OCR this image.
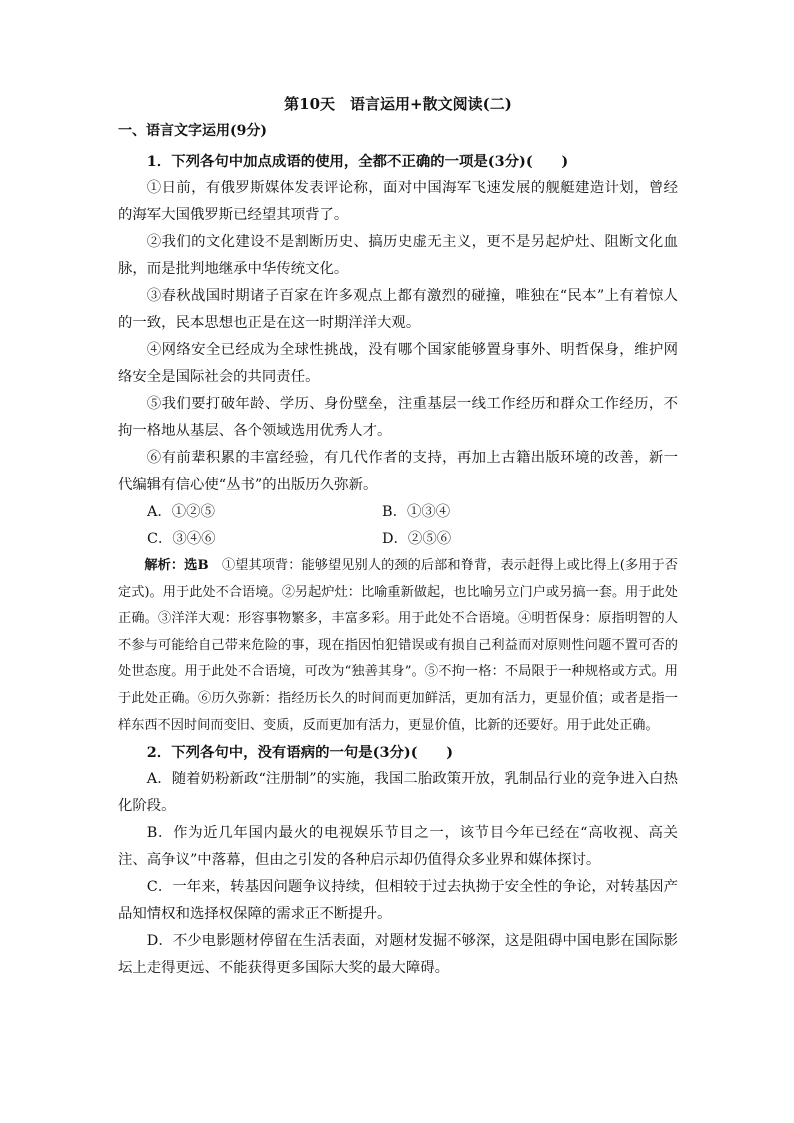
第10天　语言运用+散文阅读(二)
一、语言文字运用(9分)
1．下列各句中加点成语的使用，全都不正确的一项是(3分)(　　)
①日前，有俄罗斯媒体发表评论称，面对中国海军飞速发展的舰艇建造计划，曾经的海军大国俄罗斯已经望其项背了。
②我们的文化建设不是割断历史、搞历史虚无主义，更不是另起炉灶、阻断文化血脉，而是批判地继承中华传统文化。
③春秋战国时期诸子百家在许多观点上都有激烈的碰撞，唯独在“民本”上有着惊人的一致，民本思想也正是在这一时期洋洋大观。
④网络安全已经成为全球性挑战，没有哪个国家能够置身事外、明哲保身，维护网络安全是国际社会的共同责任。
⑤我们要打破年龄、学历、身份壁垒，注重基层一线工作经历和群众工作经历，不拘一格地从基层、各个领域选用优秀人才。
⑥有前辈积累的丰富经验，有几代作者的支持，再加上古籍出版环境的改善，新一代编辑有信心使“丛书”的出版历久弥新。
A．①②⑤	B．①③④
C．③④⑥	D．②⑤⑥
解析：选B　 ①望其项背：能够望见别人的颈的后部和脊背，表示赶得上或比得上(多用于否定式)。用于此处不合语境。②另起炉灶：比喻重新做起，也比喻另立门户或另搞一套。用于此处正确。③洋洋大观：形容事物繁多，丰富多彩。用于此处不合语境。④明哲保身：原指明智的人不参与可能给自己带来危险的事，现在指因怕犯错误或有损自己利益而对原则性问题不置可否的处世态度。用于此处不合语境，可改为“独善其身”。⑤不拘一格：不局限于一种规格或方式。用于此处正确。⑥历久弥新：指经历长久的时间而更加鲜活，更加有活力，更显价值；或者是指一样东西不因时间而变旧、变质，反而更加有活力，更显价值，比新的还要好。用于此处正确。
2．下列各句中，没有语病的一句是(3分)(　　)
A．随着奶粉新政“注册制”的实施，我国二胎政策开放，乳制品行业的竞争进入白热化阶段。
B．作为近几年国内最火的电视娱乐节目之一，该节目今年已经在“高收视、高关注、高争议”中落幕，但由之引发的各种启示却仍值得众多业界和媒体探讨。
C．一年来，转基因问题争议持续，但相较于过去执拗于安全性的争论，对转基因产品知情权和选择权保障的需求正不断提升。
D．不少电影题材停留在生活表面，对题材发掘不够深，这是阻碍中国电影在国际影坛上走得更远、不能获得更多国际大奖的最大障碍。
